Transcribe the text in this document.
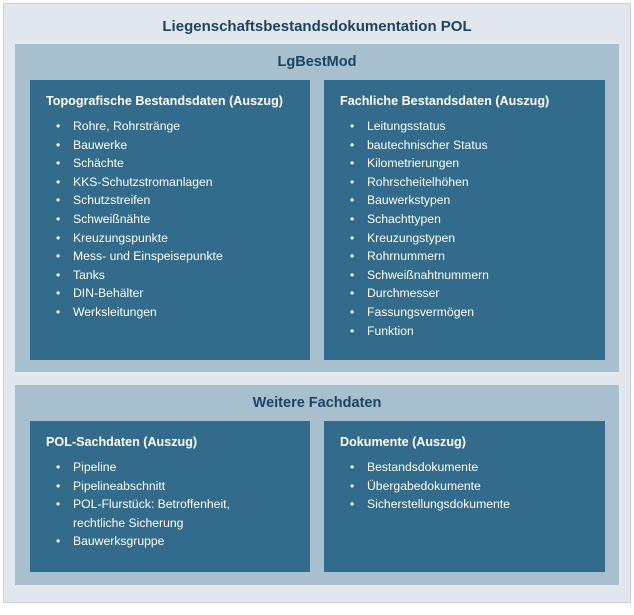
Liegenschaftsbestandsdokumentation POL
LgBestMod
Topografische Bestandsdaten (Auszug)
• Rohre, Rohrstränge
• Bauwerke
• Schächte
• KKS-Schutzstromanlagen
• Schutzstreifen
• Schweißnähte
• Kreuzungspunkte
• Mess- und Einspeisepunkte
• Tanks
• DIN-Behälter
• Werksleitungen
Fachliche Bestandsdaten (Auszug)
• Leitungsstatus
• bautechnischer Status
• Kilometrierungen
• Rohrscheitelhöhen
• Bauwerkstypen
• Schachttypen
• Kreuzungstypen
• Rohrnummern
• Schweißnahtnummern
• Durchmesser
• Fassungsvermögen
• Funktion
Weitere Fachdaten
POL-Sachdaten (Auszug)
• Pipeline
• Pipelineabschnitt
• POL-Flurstück: Betroffenheit, rechtliche Sicherung
• Bauwerksgruppe
Dokumente (Auszug)
• Bestandsdokumente
• Übergabedokumente
• Sicherstellungsdokumente
